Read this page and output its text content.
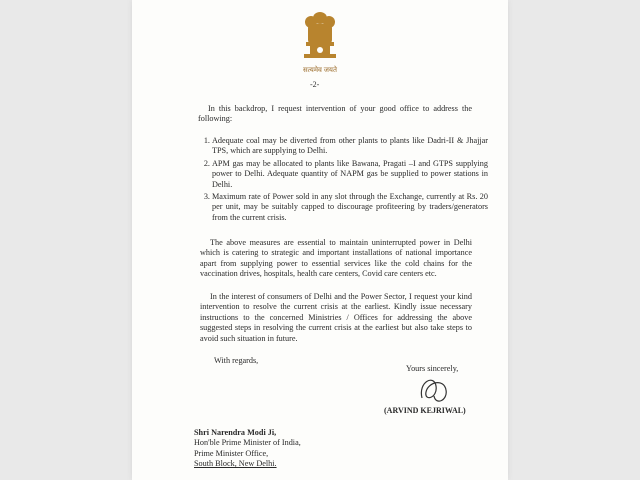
सत्यमेव जयते
-2-
In this backdrop, I request intervention of your good office to address the following:
1. Adequate coal may be diverted from other plants to plants like Dadri-II & Jhajjar TPS, which are supplying to Delhi.
2. APM gas may be allocated to plants like Bawana, Pragati –I and GTPS supplying power to Delhi. Adequate quantity of NAPM gas be supplied to power stations in Delhi.
3. Maximum rate of Power sold in any slot through the Exchange, currently at Rs. 20 per unit, may be suitably capped to discourage profiteering by traders/generators from the current crisis.
The above measures are essential to maintain uninterrupted power in Delhi which is catering to strategic and important installations of national importance apart from supplying power to essential services like the cold chains for the vaccination drives, hospitals, health care centers, Covid care centers etc.
In the interest of consumers of Delhi and the Power Sector, I request your kind intervention to resolve the current crisis at the earliest. Kindly issue necessary instructions to the concerned Ministries / Offices for addressing the above suggested steps in resolving the current crisis at the earliest but also take steps to avoid such situation in future.
With regards,
Yours sincerely,
(ARVIND KEJRIWAL)
Shri Narendra Modi Ji,
Hon'ble Prime Minister of India,
Prime Minister Office,
South Block, New Delhi.
